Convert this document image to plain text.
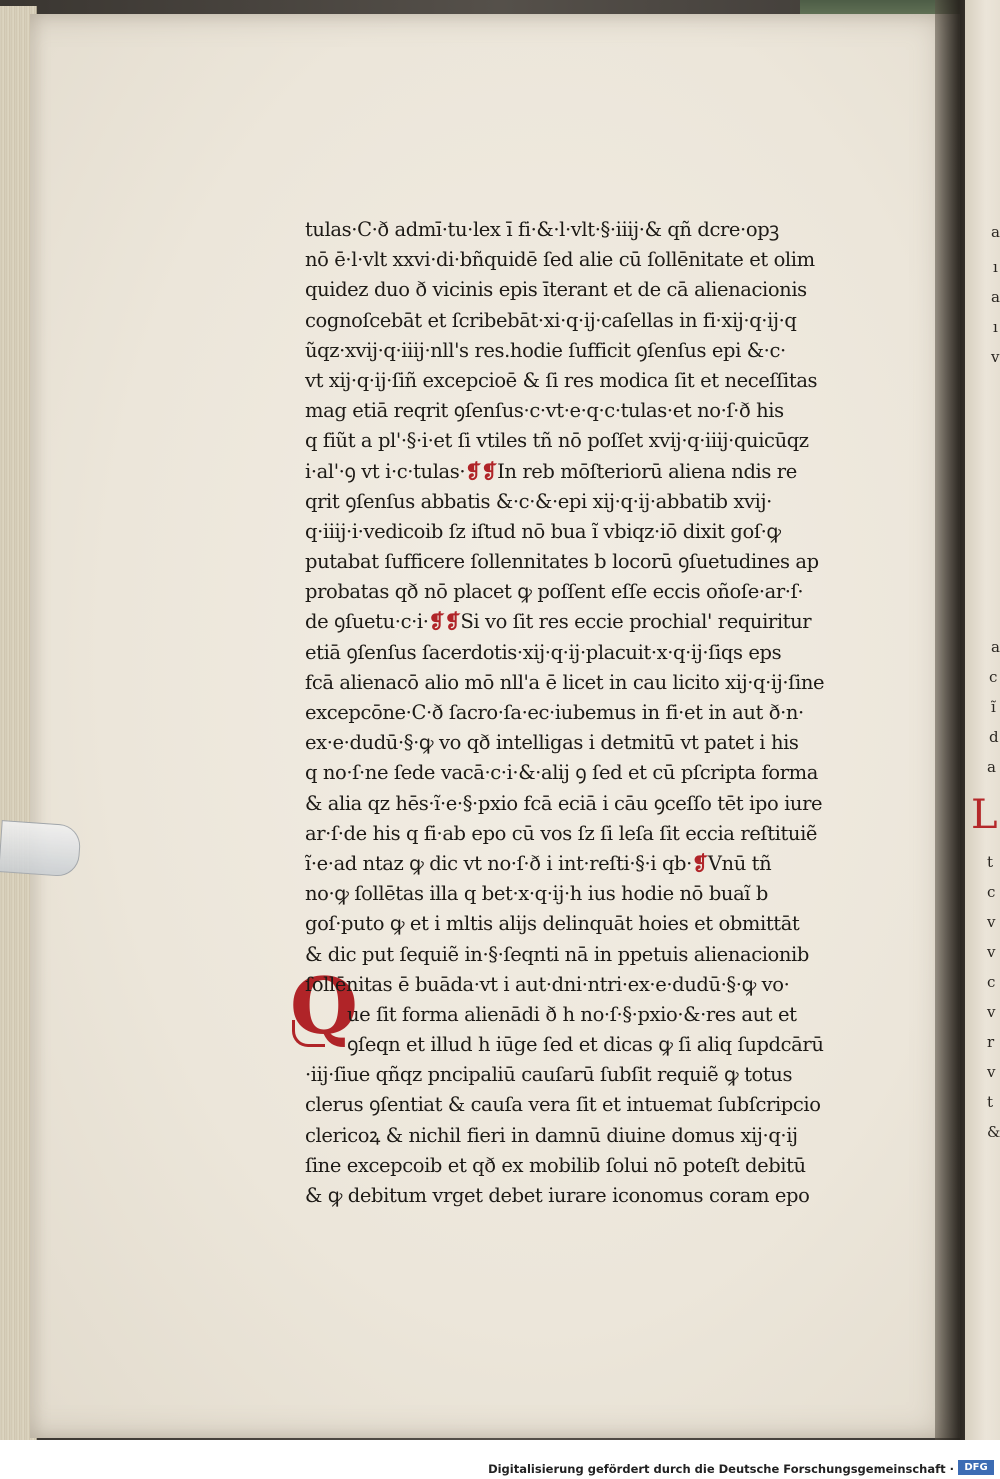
a
ı
a
ı
v
a
c
ĩ
d
a
L
t
c
v
v
c
v
r
v
t
&
Q
tulas·C·ð admī·tu·lex ī fi·&·l·vlt·§·iiij·& qñ dcre·opꝫ
nō ē·l·vlt xxvi·di·bñquidē ſed alie cū ſollēnitate et olim
quidez duo ð vicinis epis īterant et de cā alienacionis
cognoſcebāt et ſcribebāt·xi·q·ij·caſellas in fi·xij·q·ij·q
ũqz·xvij·q·iiij·nll's res.hodie ſufficit ꝯſenſus epi &·c·
vt xij·q·ij·ſiñ excepcioē & ſi res modica ſit et neceſſitas
mag etiā reqrit ꝯſenſus·c·vt·e·q·c·tulas·et no·ſ·ð his
q fiũt a pl'·§·i·et ſi vtiles tñ nō poſſet xvij·q·iiij·quicūqz
i·al'·ꝯ vt i·c·tulas·❡❡In reb mōſteriorū aliena ndis re
qrit ꝯſenſus abbatis &·c·&·epi xij·q·ij·abbatib xvij·
q·iiij·i·vedicoib ſz iſtud nō bua ĩ vbiqz·iō dixit goſ·ꝙ
putabat ſufficere ſollennitates b locorū ꝯſuetudines ap
probatas qð nō placet ꝙ poſſent eſſe eccis oñoſe·ar·ſ·
de ꝯſuetu·c·i·❡❡Si vo ſit res eccie prochial' requiritur
etiā ꝯſenſus ſacerdotis·xij·q·ij·placuit·x·q·ij·ſiqs eps
fcā alienacō alio mō nll'a ē licet in cau licito xij·q·ij·ſine
excepcōne·C·ð ſacro·ſa·ec·iubemus in fi·et in aut ð·n·
ex·e·dudū·§·ꝙ vo qð intelligas i detmitū vt patet i his
q no·ſ·ne ſede vacā·c·i·&·alij ꝯ ſed et cū pſcripta forma
& alia qz hēs·ĩ·e·§·pxio fcā eciā i cāu ꝯceſſo tēt ipo iure
ar·ſ·de his q fi·ab epo cū vos ſz ſi leſa ſit eccia reſtituiẽ
ĩ·e·ad ntaz ꝙ dic vt no·ſ·ð i int·reſti·§·i qb·❡Vnū tñ
no·ꝙ ſollētas illa q bet·x·q·ij·h ius hodie nō buaĩ b
goſ·puto ꝙ et i mltis alijs delinquāt hoies et obmittāt
& dic put ſequiẽ in·§·ſeqnti nā in ppetuis alienacionib
ſollēnitas ē buāda·vt i aut·dni·ntri·ex·e·dudū·§·ꝙ vo·
ue ſit forma alienādi ð h no·ſ·§·pxio·&·res aut et
ꝯſeqn et illud h iūge ſed et dicas ꝙ ſi aliq ſupdcārū
·iij·ſiue qñqz pncipaliū cauſarū ſubſit requiẽ ꝙ totus
clerus ꝯſentiat & cauſa vera ſit et intuemat ſubſcripcio
clericoꝝ & nichil fieri in damnū diuine domus xij·q·ij
ſine excepcoib et qð ex mobilib ſolui nō poteſt debitū
& ꝙ debitum vrget debet iurare iconomus coram epo
Digitalisierung gefördert durch die Deutsche Forschungsgemeinschaft ·	DFG
